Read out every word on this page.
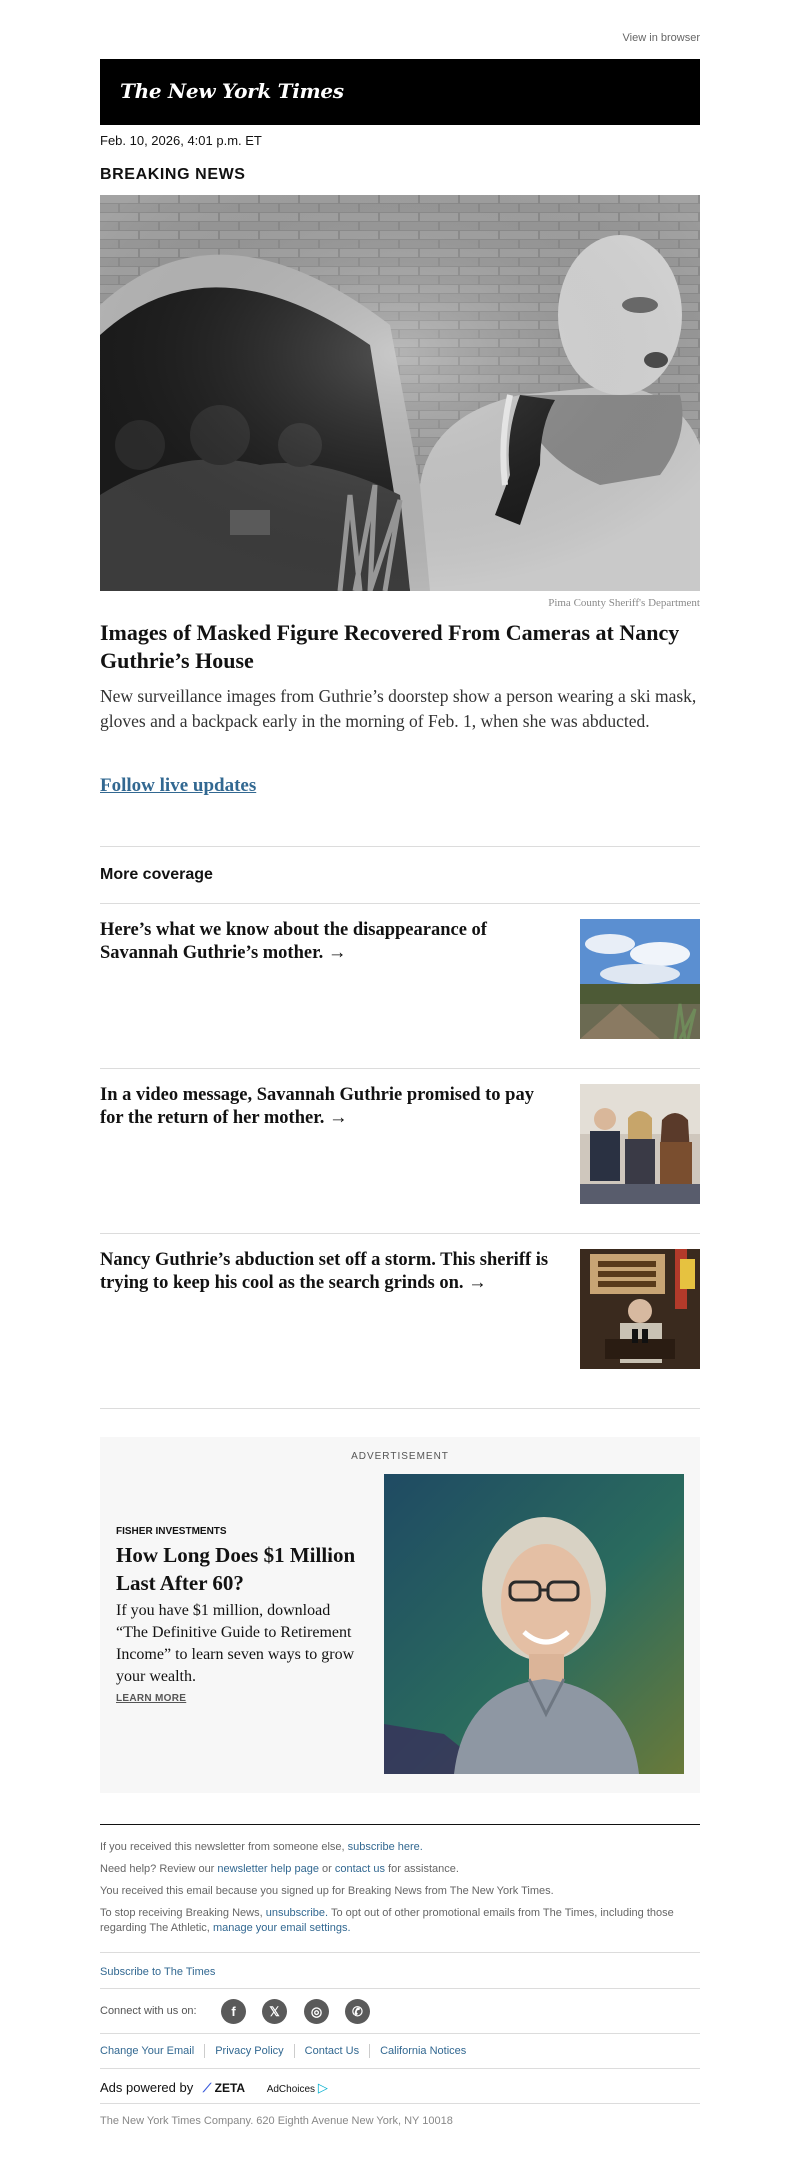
View in browser
The New York Times
Feb. 10, 2026, 4:01 p.m. ET
BREAKING NEWS
Pima County Sheriff's Department
Images of Masked Figure Recovered From Cameras at Nancy Guthrie’s House
New surveillance images from Guthrie’s doorstep show a person wearing a ski mask, gloves and a backpack early in the morning of Feb. 1, when she was abducted.
Follow live updates
More coverage
Here’s what we know about the disappearance of Savannah Guthrie’s mother. →
In a video message, Savannah Guthrie promised to pay for the return of her mother. →
Nancy Guthrie’s abduction set off a storm. This sheriff is trying to keep his cool as the search grinds on. →
ADVERTISEMENT
FISHER INVESTMENTS
How Long Does $1 Million Last After 60?
If you have $1 million, download “The Definitive Guide to Retirement Income” to learn seven ways to grow your wealth.
LEARN MORE
If you received this newsletter from someone else, subscribe here.
Need help? Review our newsletter help page or contact us for assistance.
You received this email because you signed up for Breaking News from The New York Times.
To stop receiving Breaking News, unsubscribe. To opt out of other promotional emails from The Times, including those regarding The Athletic, manage your email settings.
Subscribe to The Times
Connect with us on:	f	𝕏	◎	✆
Change Your Email Privacy Policy Contact Us California Notices
Ads powered by ⟋ ZETA AdChoices ▷
The New York Times Company. 620 Eighth Avenue New York, NY 10018
